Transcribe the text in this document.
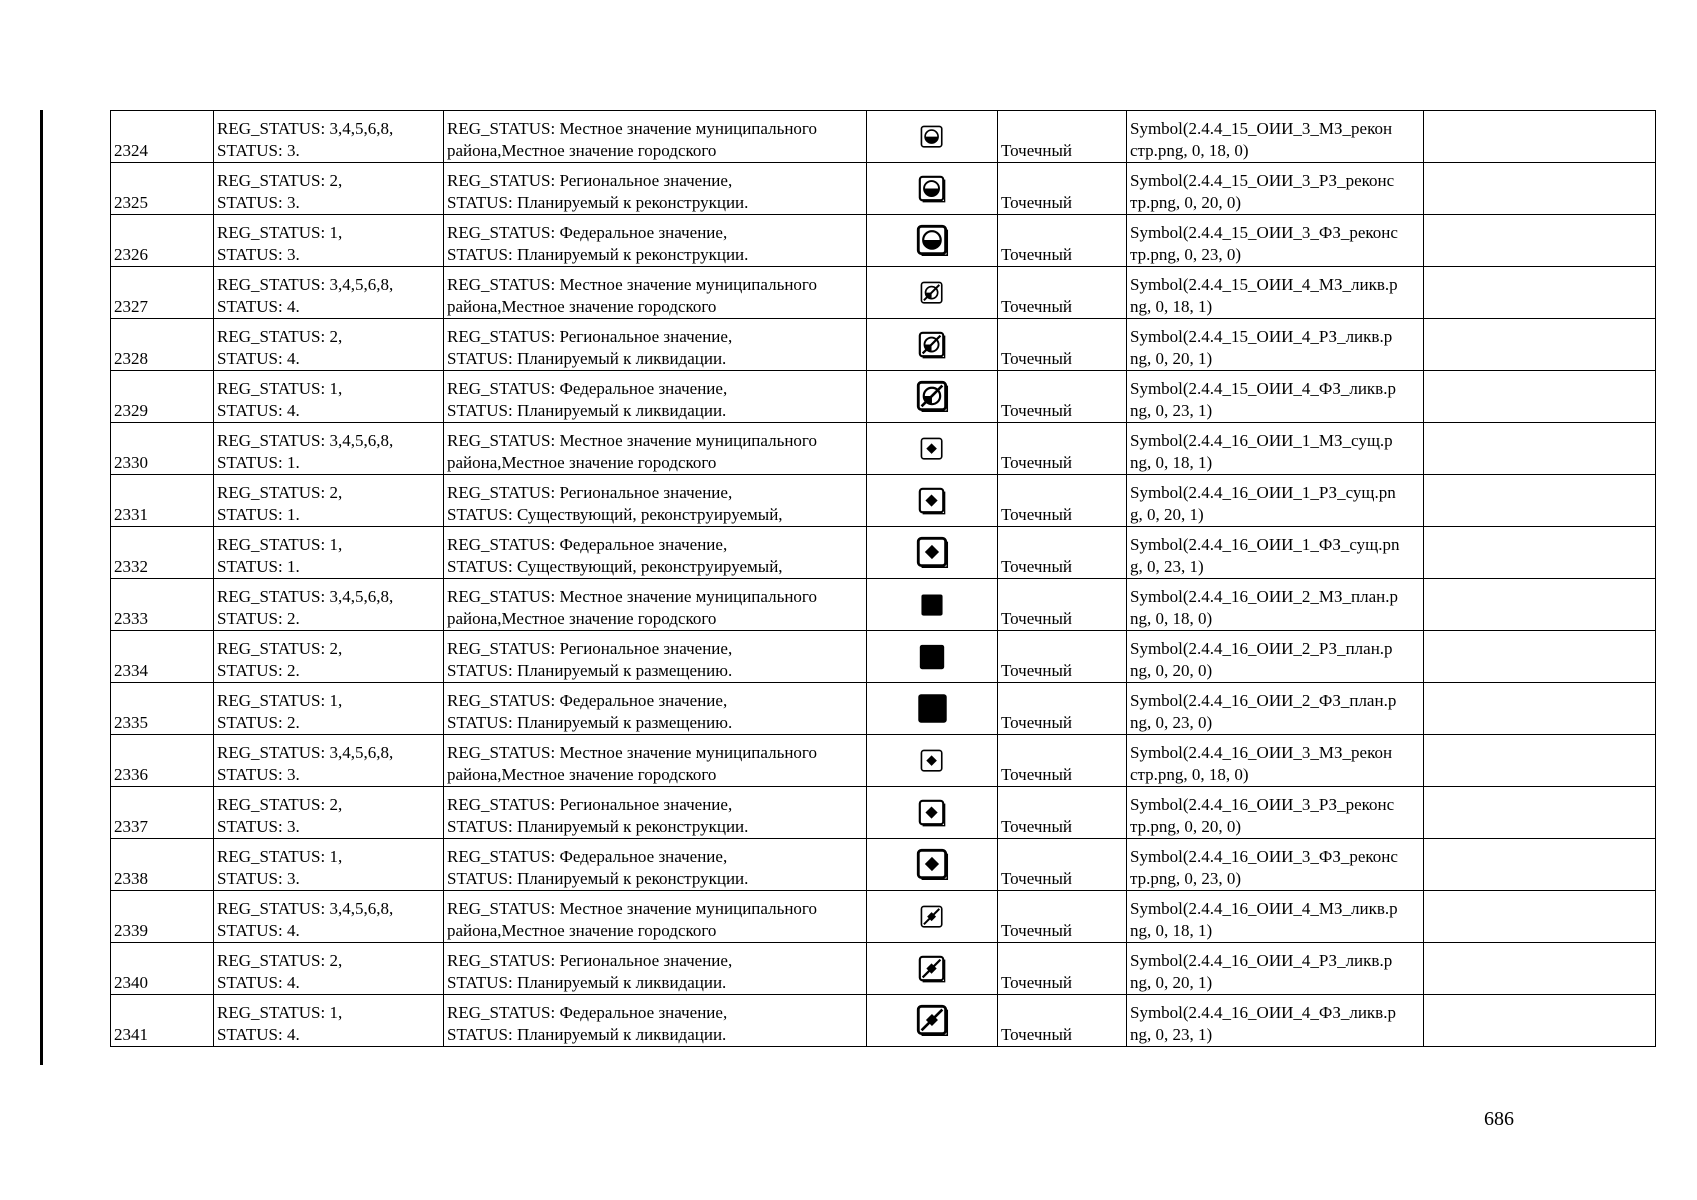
2324	REG_STATUS: 3,4,5,6,8,
STATUS: 3.	REG_STATUS: Местное значение муниципального
района,Местное значение городского		Точечный	Symbol(2.4.4_15_ОИИ_3_МЗ_рекон
стр.png, 0, 18, 0)	

2325	REG_STATUS: 2,
STATUS: 3.	REG_STATUS: Региональное значение,
STATUS: Планируемый к реконструкции.		Точечный	Symbol(2.4.4_15_ОИИ_3_РЗ_реконс
тр.png, 0, 20, 0)	

2326	REG_STATUS: 1,
STATUS: 3.	REG_STATUS: Федеральное значение,
STATUS: Планируемый к реконструкции.		Точечный	Symbol(2.4.4_15_ОИИ_3_ФЗ_реконс
тр.png, 0, 23, 0)	

2327	REG_STATUS: 3,4,5,6,8,
STATUS: 4.	REG_STATUS: Местное значение муниципального
района,Местное значение городского		Точечный	Symbol(2.4.4_15_ОИИ_4_МЗ_ликв.p
ng, 0, 18, 1)	

2328	REG_STATUS: 2,
STATUS: 4.	REG_STATUS: Региональное значение,
STATUS: Планируемый к ликвидации.		Точечный	Symbol(2.4.4_15_ОИИ_4_РЗ_ликв.p
ng, 0, 20, 1)	

2329	REG_STATUS: 1,
STATUS: 4.	REG_STATUS: Федеральное значение,
STATUS: Планируемый к ликвидации.		Точечный	Symbol(2.4.4_15_ОИИ_4_ФЗ_ликв.p
ng, 0, 23, 1)	

2330	REG_STATUS: 3,4,5,6,8,
STATUS: 1.	REG_STATUS: Местное значение муниципального
района,Местное значение городского		Точечный	Symbol(2.4.4_16_ОИИ_1_МЗ_сущ.p
ng, 0, 18, 1)	

2331	REG_STATUS: 2,
STATUS: 1.	REG_STATUS: Региональное значение,
STATUS: Существующий, реконструируемый,		Точечный	Symbol(2.4.4_16_ОИИ_1_РЗ_сущ.pn
g, 0, 20, 1)	

2332	REG_STATUS: 1,
STATUS: 1.	REG_STATUS: Федеральное значение,
STATUS: Существующий, реконструируемый,		Точечный	Symbol(2.4.4_16_ОИИ_1_ФЗ_сущ.pn
g, 0, 23, 1)	

2333	REG_STATUS: 3,4,5,6,8,
STATUS: 2.	REG_STATUS: Местное значение муниципального
района,Местное значение городского		Точечный	Symbol(2.4.4_16_ОИИ_2_МЗ_план.p
ng, 0, 18, 0)	

2334	REG_STATUS: 2,
STATUS: 2.	REG_STATUS: Региональное значение,
STATUS: Планируемый к размещению.		Точечный	Symbol(2.4.4_16_ОИИ_2_РЗ_план.p
ng, 0, 20, 0)	

2335	REG_STATUS: 1,
STATUS: 2.	REG_STATUS: Федеральное значение,
STATUS: Планируемый к размещению.		Точечный	Symbol(2.4.4_16_ОИИ_2_ФЗ_план.p
ng, 0, 23, 0)	

2336	REG_STATUS: 3,4,5,6,8,
STATUS: 3.	REG_STATUS: Местное значение муниципального
района,Местное значение городского		Точечный	Symbol(2.4.4_16_ОИИ_3_МЗ_рекон
стр.png, 0, 18, 0)	

2337	REG_STATUS: 2,
STATUS: 3.	REG_STATUS: Региональное значение,
STATUS: Планируемый к реконструкции.		Точечный	Symbol(2.4.4_16_ОИИ_3_РЗ_реконс
тр.png, 0, 20, 0)	

2338	REG_STATUS: 1,
STATUS: 3.	REG_STATUS: Федеральное значение,
STATUS: Планируемый к реконструкции.		Точечный	Symbol(2.4.4_16_ОИИ_3_ФЗ_реконс
тр.png, 0, 23, 0)	

2339	REG_STATUS: 3,4,5,6,8,
STATUS: 4.	REG_STATUS: Местное значение муниципального
района,Местное значение городского		Точечный	Symbol(2.4.4_16_ОИИ_4_МЗ_ликв.p
ng, 0, 18, 1)	

2340	REG_STATUS: 2,
STATUS: 4.	REG_STATUS: Региональное значение,
STATUS: Планируемый к ликвидации.		Точечный	Symbol(2.4.4_16_ОИИ_4_РЗ_ликв.p
ng, 0, 20, 1)	

2341	REG_STATUS: 1,
STATUS: 4.	REG_STATUS: Федеральное значение,
STATUS: Планируемый к ликвидации.		Точечный	Symbol(2.4.4_16_ОИИ_4_ФЗ_ликв.p
ng, 0, 23, 1)	

686
